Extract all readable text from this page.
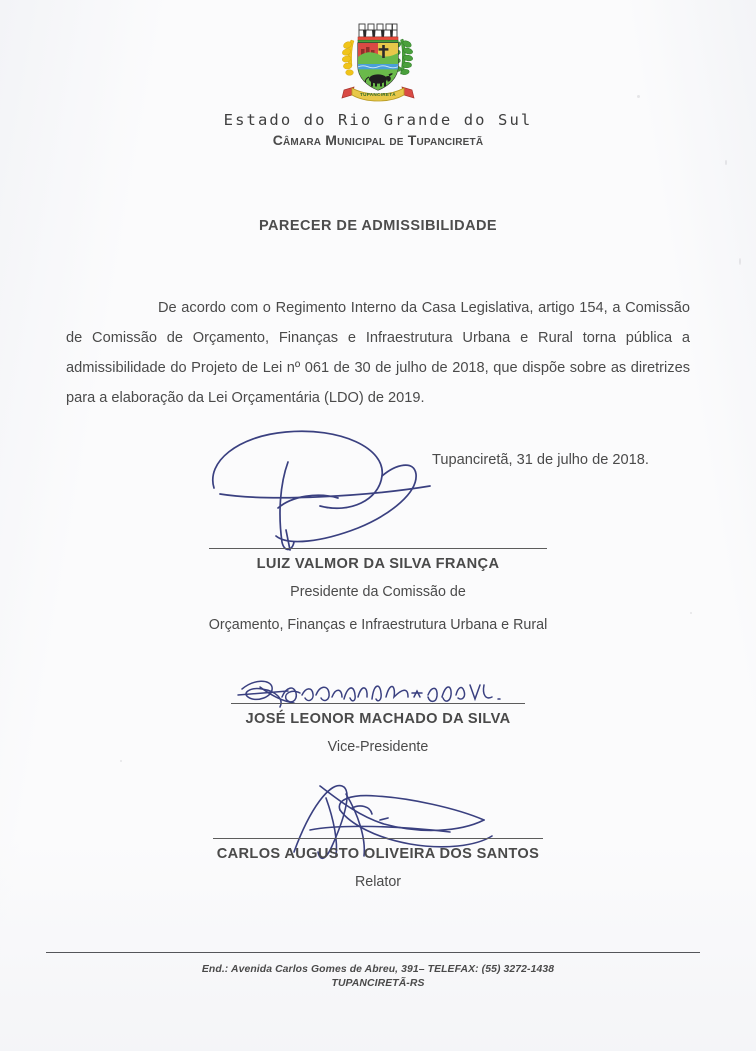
TUPANCIRETÃ
Estado do Rio Grande do Sul
Câmara Municipal de Tupanciretã
PARECER DE ADMISSIBILIDADE
De acordo com o Regimento Interno da Casa Legislativa, artigo 154, a Comissão de Comissão de Orçamento, Finanças e Infraestrutura Urbana e Rural torna pública a admissibilidade do Projeto de Lei nº 061 de 30 de julho de 2018, que dispõe sobre as diretrizes para a elaboração da Lei Orçamentária (LDO) de 2019.
Tupanciretã, 31 de julho de 2018.
LUIZ VALMOR DA SILVA FRANÇA
Presidente da Comissão de
Orçamento, Finanças e Infraestrutura Urbana e Rural
JOSÉ LEONOR MACHADO DA SILVA
Vice-Presidente
CARLOS AUGUSTO OLIVEIRA DOS SANTOS
Relator
End.: Avenida Carlos Gomes de Abreu, 391– TELEFAX: (55) 3272-1438
TUPANCIRETÃ-RS
